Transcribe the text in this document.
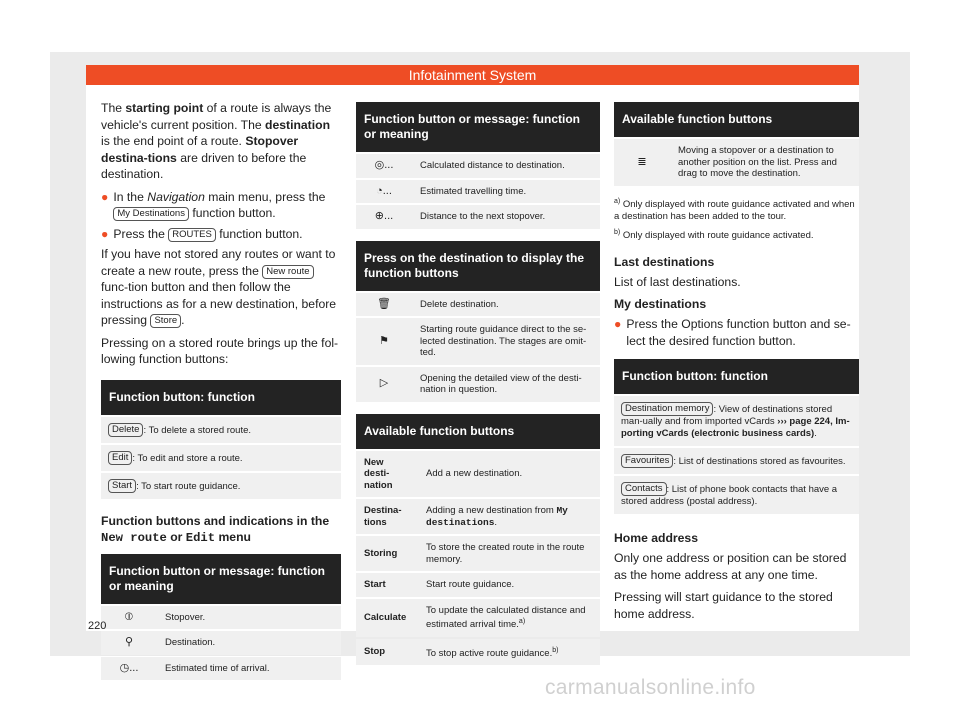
Infotainment System

The starting point of a route is always the vehicle's current position. The destination is the end point of a route. Stopover destina-tions are driven to before the destination.

● In the Navigation main menu, press the My Destinations function button.
● Press the ROUTES function button.

If you have not stored any routes or want to create a new route, press the New route func-tion button and then follow the instructions as for a new destination, before pressing Store .

Pressing on a stored route brings up the fol-lowing function buttons:

Function button: function
Delete : To delete a stored route.
Edit : To edit and store a route.
Start : To start route guidance.
Function buttons and indications in the New route or Edit menu
Function button or message: function or meaning	
⦶	Stopover.
⚲	Destination.
◷...	Estimated time of arrival.
Function button or message: function or meaning	
◎...	Calculated distance to destination.
◔...	Estimated travelling time.
⊕...	Distance to the next stopover.
Press on the destination to display the function buttons	
🗑	Delete destination.
⚑	Starting route guidance direct to the se-lected destination. The stages are omit-ted.
▷	Opening the detailed view of the desti-nation in question.
Available function buttons	
New desti-nation	Add a new destination.
Destina-tions	Adding a new destination from My destinations.
Storing	To store the created route in the route memory.
Start	Start route guidance.
Calculate	To update the calculated distance and estimated arrival time.$^{a)}$
Stop	To stop active route guidance.$^{b)}$
Available function buttons
≣	Moving a stopover or a destination to another position on the list. Press and drag to move the destination.

$^{a)}$ Only displayed with route guidance activated and when a destination has been added to the tour.

$^{b)}$ Only displayed with route guidance activated.

Last destinations

List of last destinations.

My destinations
● Press the Options function button and se-lect the desired function button.
Function button: function
Destination memory : View of destinations stored man-ually and from imported vCards ››› page 224, Im-porting vCards (electronic business cards).
Favourites : List of destinations stored as favourites.
Contacts : List of phone book contacts that have a stored address (postal address).
Home address

Only one address or position can be stored as the home address at any one time.

Pressing will start guidance to the stored home address.

220
carmanualsonline.info
